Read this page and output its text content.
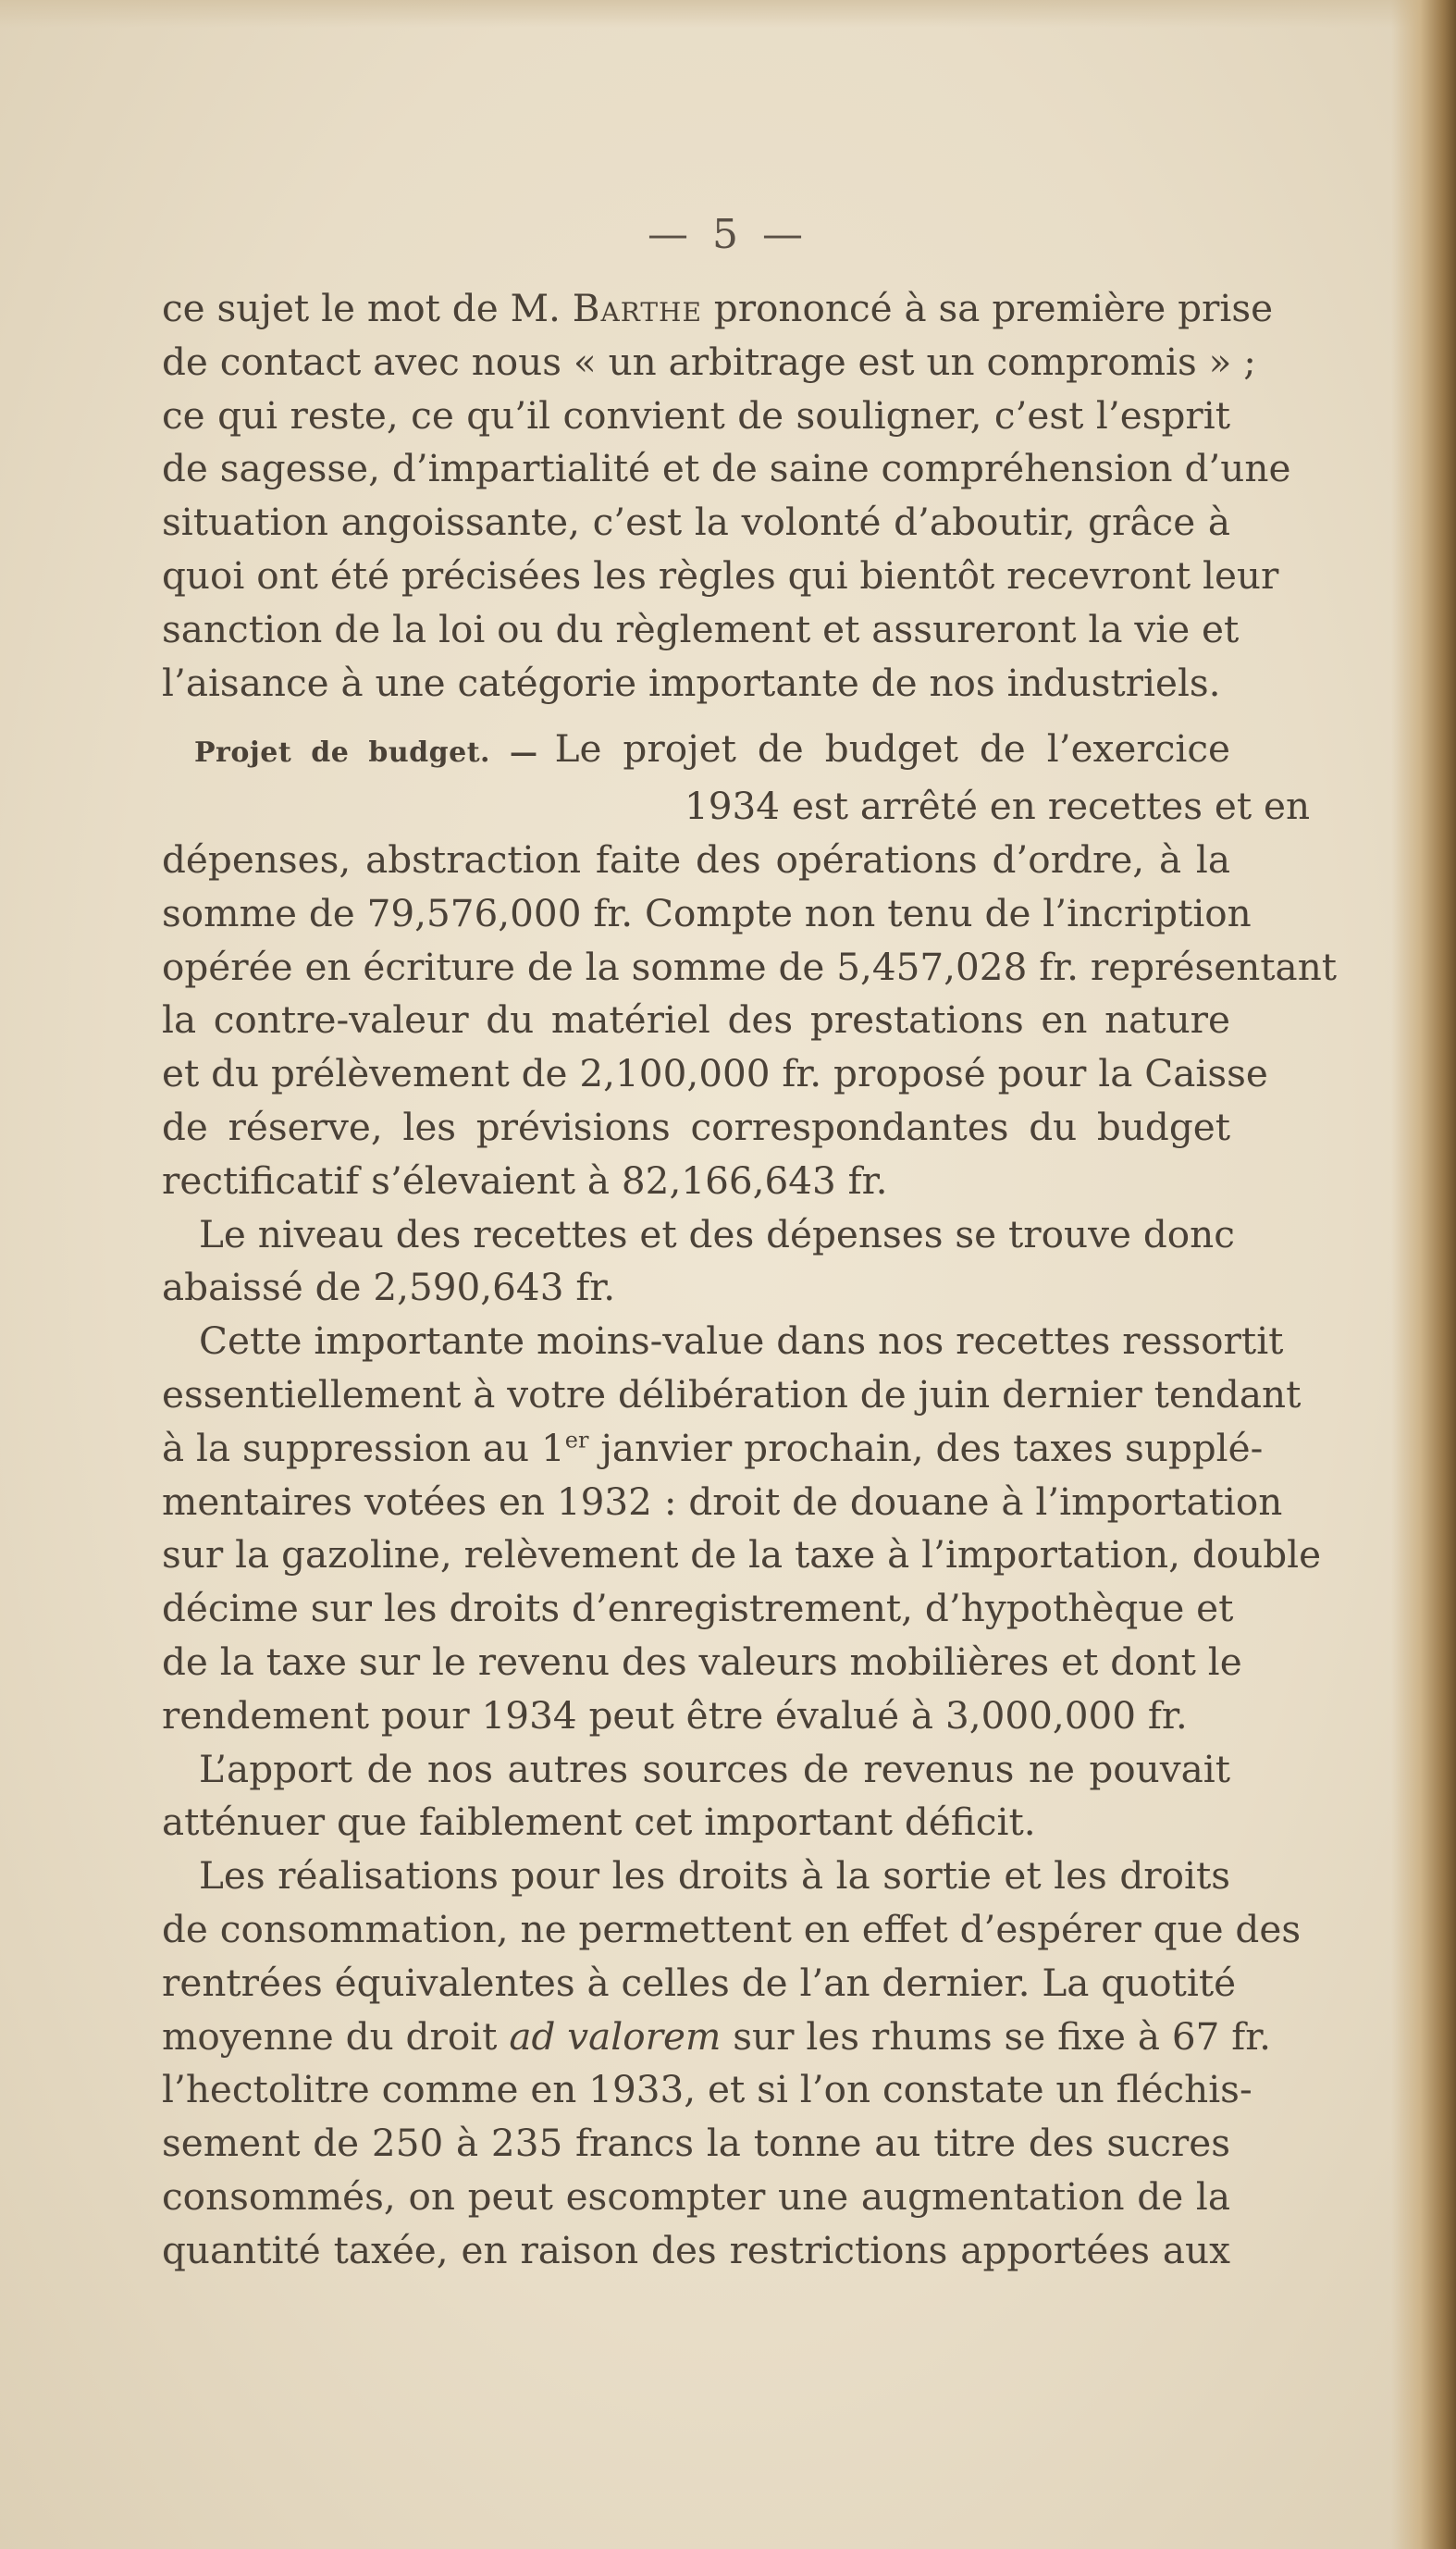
— 5 —
ce sujet le mot de M. Barthe prononcé à sa première prise
de contact avec nous « un arbitrage est un compromis » ;
ce qui reste, ce qu’il convient de souligner, c’est l’esprit
de sagesse, d’impartialité et de saine compréhension d’une
situation angoissante, c’est la volonté d’aboutir, grâce à
quoi ont été précisées les règles qui bientôt recevront leur
sanction de la loi ou du règlement et assureront la vie et
l’aisance à une catégorie importante de nos industriels.
Projet de budget. — Le projet de budget de l’exercice
1934 est arrêté en recettes et en
dépenses, abstraction faite des opérations d’ordre, à la
somme de 79,576,000 fr. Compte non tenu de l’incription
opérée en écriture de la somme de 5,457,028 fr. représentant
la contre-valeur du matériel des prestations en nature
et du prélèvement de 2,100,000 fr. proposé pour la Caisse
de réserve, les prévisions correspondantes du budget
rectificatif s’élevaient à 82,166,643 fr.
Le niveau des recettes et des dépenses se trouve donc
abaissé de 2,590,643 fr.
Cette importante moins-value dans nos recettes ressortit
essentiellement à votre délibération de juin dernier tendant
à la suppression au 1er janvier prochain, des taxes supplé-
mentaires votées en 1932 : droit de douane à l’importation
sur la gazoline, relèvement de la taxe à l’importation, double
décime sur les droits d’enregistrement, d’hypothèque et
de la taxe sur le revenu des valeurs mobilières et dont le
rendement pour 1934 peut être évalué à 3,000,000 fr.
L’apport de nos autres sources de revenus ne pouvait
atténuer que faiblement cet important déficit.
Les réalisations pour les droits à la sortie et les droits
de consommation, ne permettent en effet d’espérer que des
rentrées équivalentes à celles de l’an dernier. La quotité
moyenne du droit ad valorem sur les rhums se fixe à 67 fr.
l’hectolitre comme en 1933, et si l’on constate un fléchis-
sement de 250 à 235 francs la tonne au titre des sucres
consommés, on peut escompter une augmentation de la
quantité taxée, en raison des restrictions apportées aux
